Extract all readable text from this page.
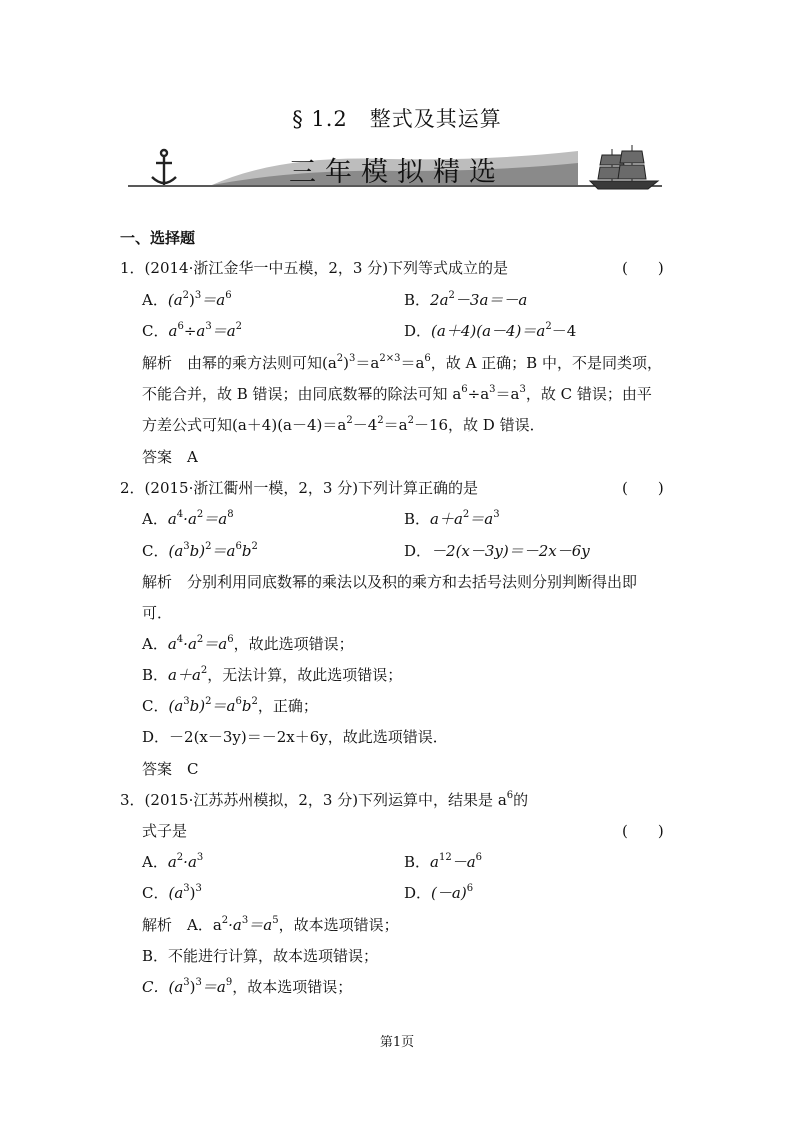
§ 1.2　整式及其运算
三年模拟精选
一、选择题
1．(2014·浙江金华一中五模，2，3 分)下列等式成立的是	(　　)
A．$(a^2)^3=a^6$	B．$2a^2-3a=-a$
C．$a^6\div a^3=a^2$	D．$(a+4)(a-4)=a^2-4$
解析　由幂的乘方法则可知$(a^2)^3=a^{2\times 3}=a^6$，故 A 正确；B 中，不是同类项，
不能合并，故 B 错误；由同底数幂的除法可知 $a^6\div a^3=a^3$，故 C 错误；由平
方差公式可知$(a+4)(a-4)=a^2-4^2=a^2-16$，故 D 错误．
答案　A
2．(2015·浙江衢州一模，2，3 分)下列计算正确的是	(　　)
A．$a^4\cdot a^2=a^8$	B．$a+a^2=a^3$
C．$(a^3b)^2=a^6b^2$	D．－2(x－3y)＝－2x－6y
解析　分别利用同底数幂的乘法以及积的乘方和去括号法则分别判断得出即
可．
A．$a^4\cdot a^2=a^6$，故此选项错误；
B．$a+a^2$，无法计算，故此选项错误；
C．$(a^3b)^2=a^6b^2$，正确；
D．－2(x－3y)＝－2x＋6y，故此选项错误．
答案　C
3．(2015·江苏苏州模拟，2，3 分)下列运算中，结果是 $a^6$的
式子是	(　　)
A．$a^2\cdot a^3$	B．$a^{12}-a^6$
C．$(a^3)^3$	D．$(-a)^6$
解析　A．$a^2\cdot a^3=a^5$，故本选项错误；
B．不能进行计算，故本选项错误；
C．$(a^3)^3=a^9$，故本选项错误；
第1页
